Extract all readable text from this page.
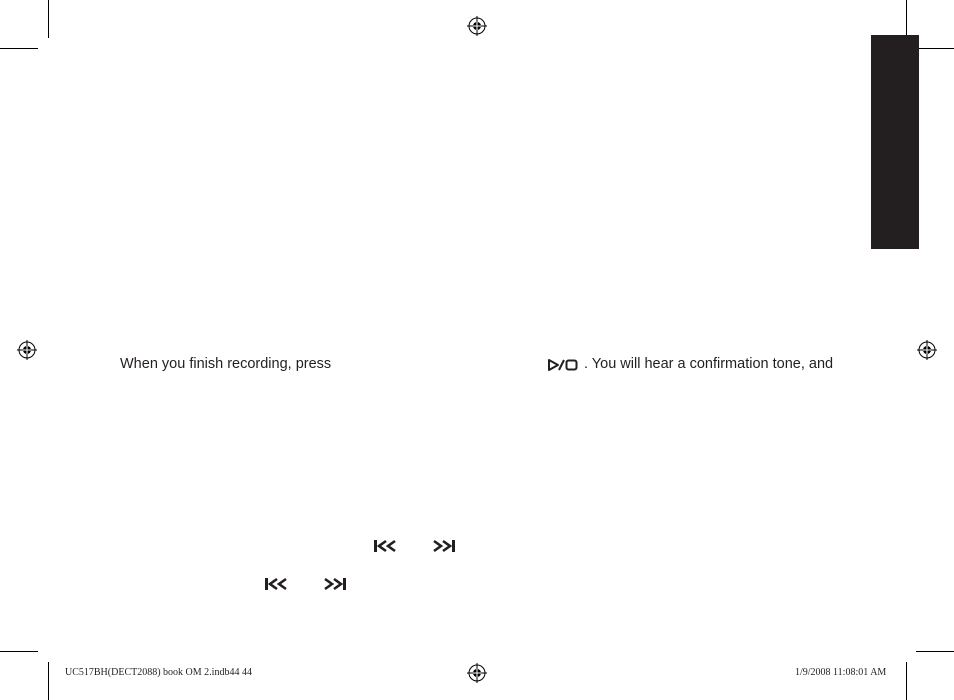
When you finish recording, press	. You will hear a confirmation tone, and
UC517BH(DECT2088) book OM 2.indb44 44	1/9/2008 11:08:01 AM
